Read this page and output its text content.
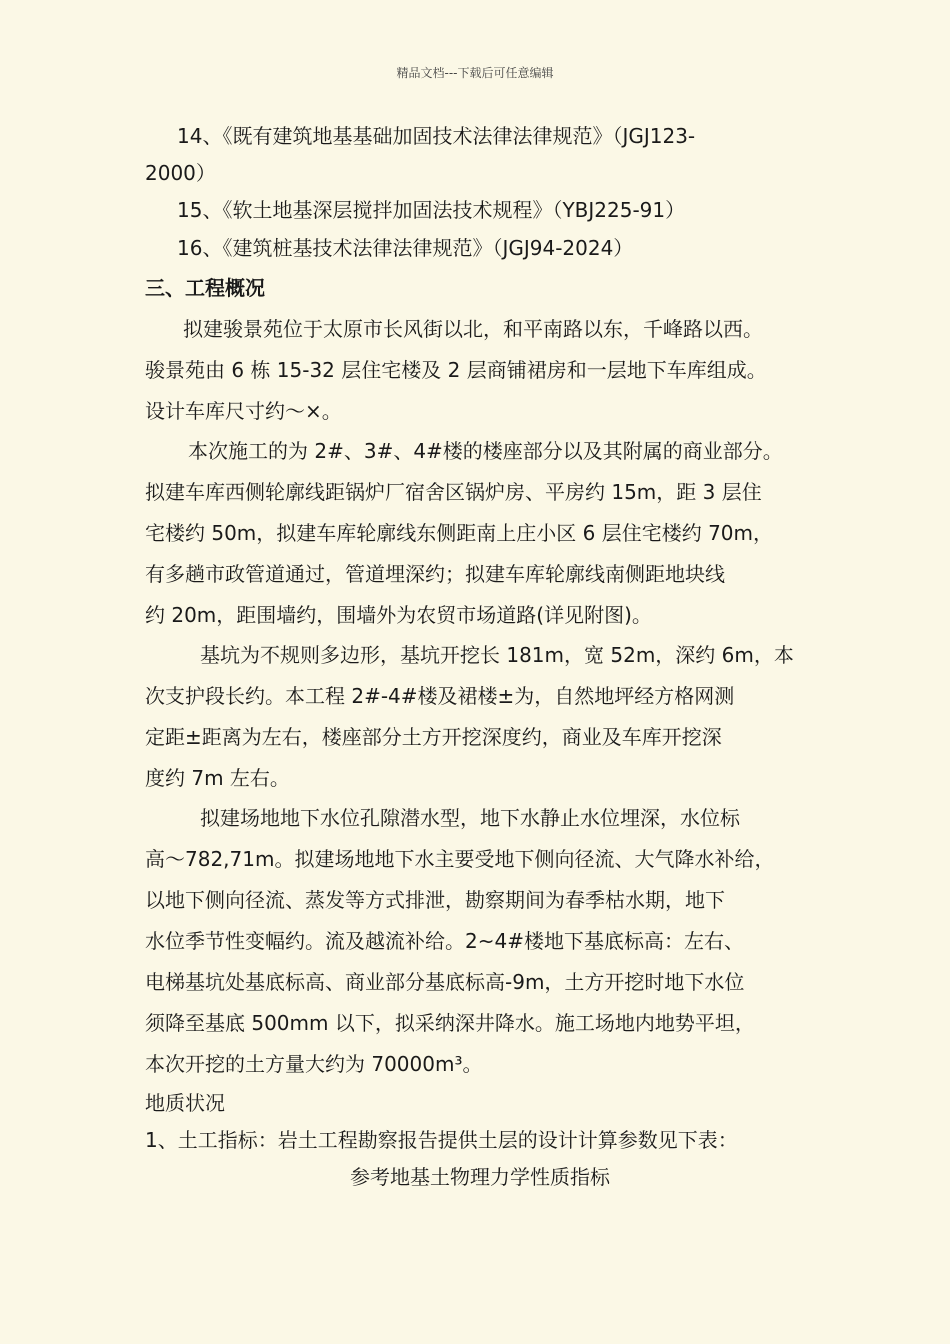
精品文档---下载后可任意编辑
14、《既有建筑地基基础加固技术法律法律规范》（JGJ123-
2000）
15、《软土地基深层搅拌加固法技术规程》（YBJ225-91）
16、《建筑桩基技术法律法律规范》（JGJ94-2024）
三、工程概况
拟建骏景苑位于太原市长风街以北，和平南路以东，千峰路以西。
骏景苑由 6 栋 15-32 层住宅楼及 2 层商铺裙房和一层地下车库组成。
设计车库尺寸约～×。
本次施工的为 2#、3#、4#楼的楼座部分以及其附属的商业部分。
拟建车库西侧轮廓线距锅炉厂宿舍区锅炉房、平房约 15m，距 3 层住
宅楼约 50m，拟建车库轮廓线东侧距南上庄小区 6 层住宅楼约 70m，
有多趟市政管道通过，管道埋深约；拟建车库轮廓线南侧距地块线
约 20m，距围墙约，围墙外为农贸市场道路(详见附图)。
基坑为不规则多边形，基坑开挖长 181m，宽 52m，深约 6m，本
次支护段长约。本工程 2#-4#楼及裙楼±为，自然地坪经方格网测
定距±距离为左右，楼座部分土方开挖深度约，商业及车库开挖深
度约 7m 左右。
拟建场地地下水位孔隙潜水型，地下水静止水位埋深，水位标
高～782,71m。拟建场地地下水主要受地下侧向径流、大气降水补给，
以地下侧向径流、蒸发等方式排泄，勘察期间为春季枯水期，地下
水位季节性变幅约。流及越流补给。2~4#楼地下基底标高：左右、
电梯基坑处基底标高、商业部分基底标高-9m，土方开挖时地下水位
须降至基底 500mm 以下，拟采纳深井降水。施工场地内地势平坦，
本次开挖的土方量大约为 70000m³。
地质状况
1、土工指标：岩土工程勘察报告提供土层的设计计算参数见下表：
参考地基土物理力学性质指标
